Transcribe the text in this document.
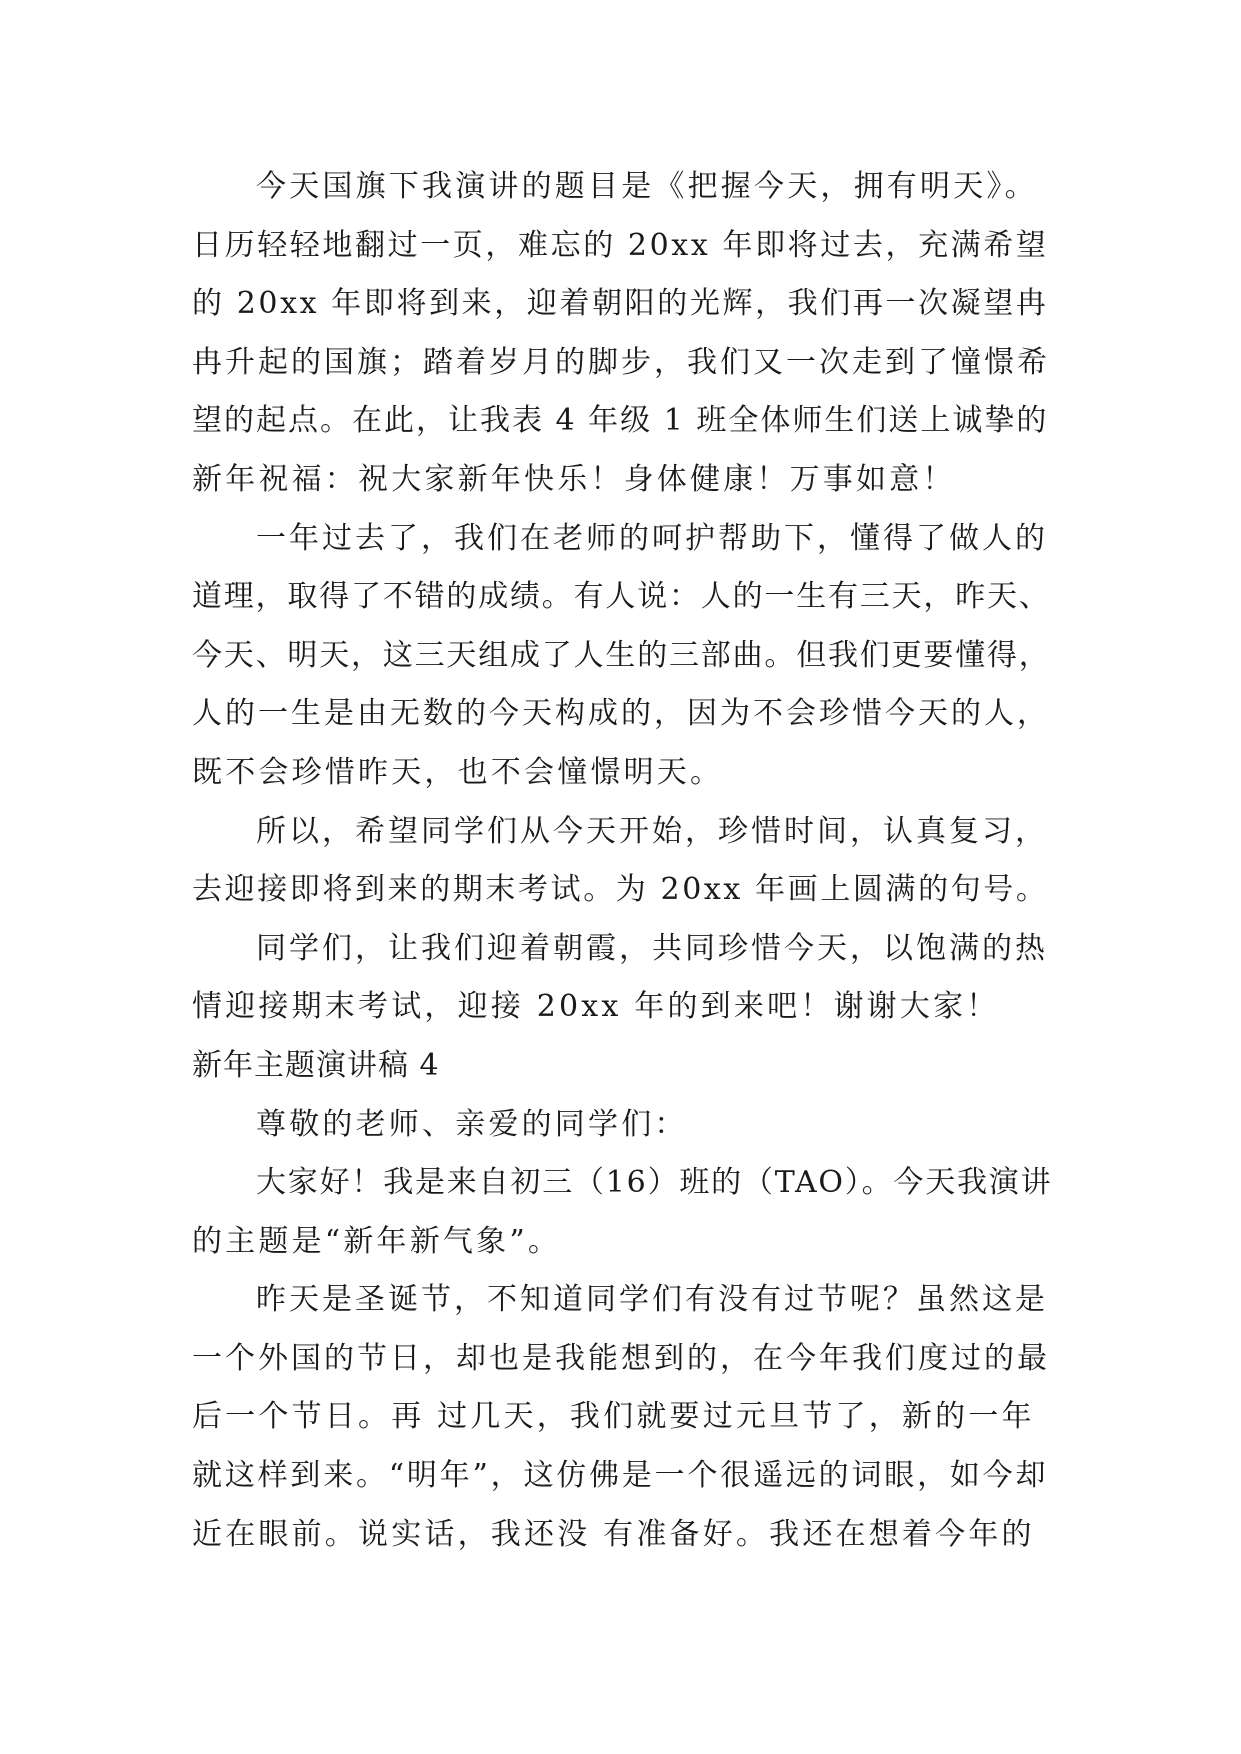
今天国旗下我演讲的题目是《把握今天，拥有明天》。
日历轻轻地翻过一页，难忘的 20xx 年即将过去，充满希望
的 20xx 年即将到来，迎着朝阳的光辉，我们再一次凝望冉
冉升起的国旗；踏着岁月的脚步，我们又一次走到了憧憬希
望的起点。在此，让我表 4 年级 1 班全体师生们送上诚挚的
新年祝福：祝大家新年快乐！身体健康！万事如意！
一年过去了，我们在老师的呵护帮助下，懂得了做人的
道理，取得了不错的成绩。有人说：人的一生有三天，昨天、
今天、明天，这三天组成了人生的三部曲。但我们更要懂得，
人的一生是由无数的今天构成的，因为不会珍惜今天的人，
既不会珍惜昨天，也不会憧憬明天。
所以，希望同学们从今天开始，珍惜时间，认真复习，
去迎接即将到来的期末考试。为 20xx 年画上圆满的句号。
同学们，让我们迎着朝霞，共同珍惜今天，以饱满的热
情迎接期末考试，迎接 20xx 年的到来吧！谢谢大家！
新年主题演讲稿 4
尊敬的老师、亲爱的同学们：
大家好！我是来自初三（16）班的（TAO）。今天我演讲
的主题是“新年新气象”。
昨天是圣诞节，不知道同学们有没有过节呢？虽然这是
一个外国的节日，却也是我能想到的，在今年我们度过的最
后一个节日。再 过几天，我们就要过元旦节了，新的一年
就这样到来。“明年”，这仿佛是一个很遥远的词眼，如今却
近在眼前。说实话，我还没 有准备好。我还在想着今年的
